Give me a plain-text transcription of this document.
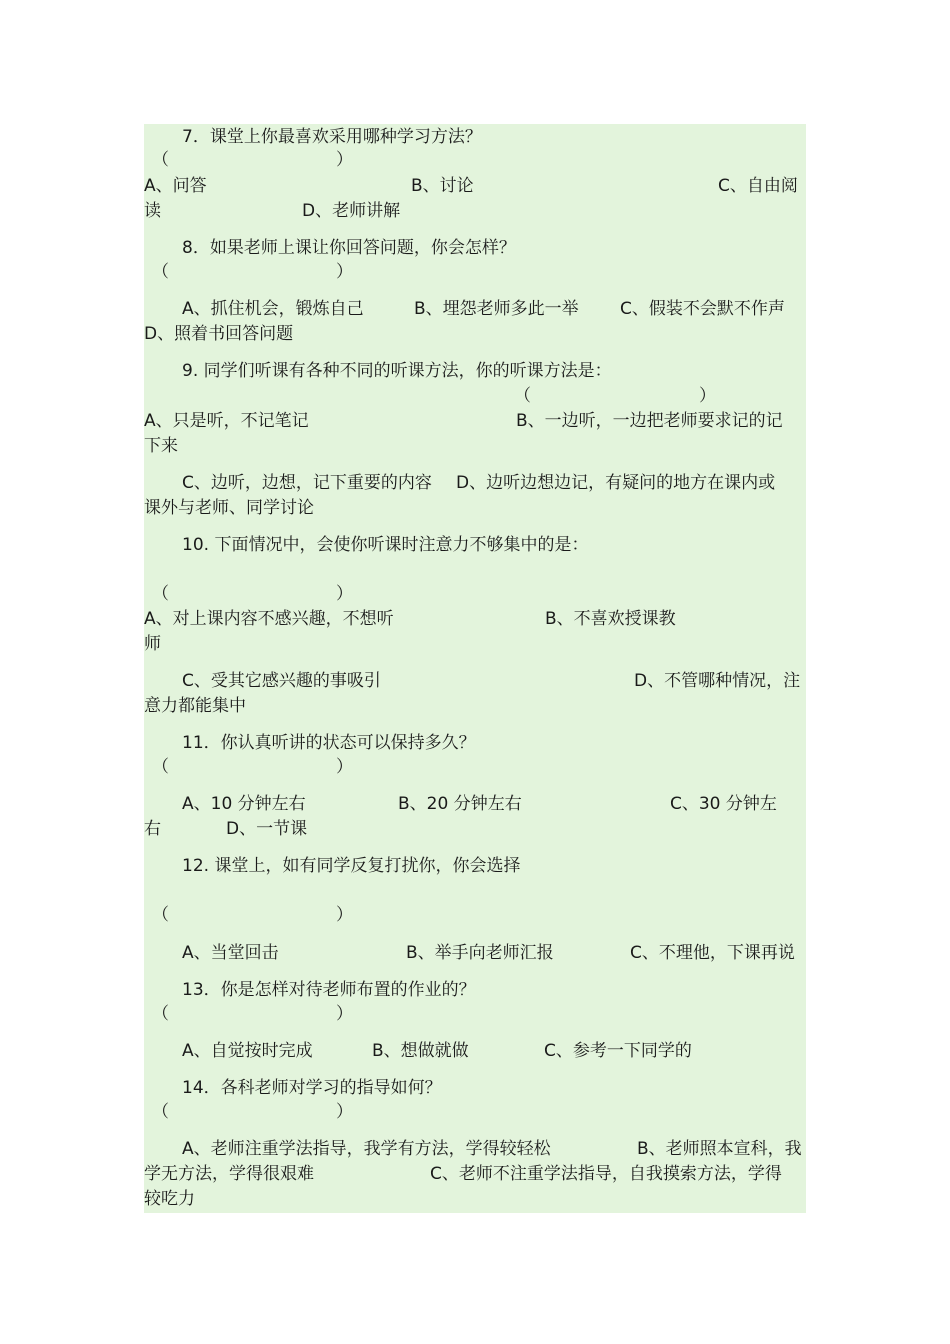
7．课堂上你最喜欢采用哪种学习方法？
（	）
A、问答	B、讨论	C、自由阅
读	D、老师讲解
8．如果老师上课让你回答问题，你会怎样？
（	）
A、抓住机会，锻炼自己	B、埋怨老师多此一举 C、假装不会默不作声
D、照着书回答问题
9. 同学们听课有各种不同的听课方法，你的听课方法是：
（	）
A、只是听，不记笔记	B、一边听，一边把老师要求记的记
下来
C、边听，边想，记下重要的内容 D、边听边想边记，有疑问的地方在课内或
课外与老师、同学讨论
10. 下面情况中，会使你听课时注意力不够集中的是：
（	）
A、对上课内容不感兴趣，不想听	B、不喜欢授课教
师
C、受其它感兴趣的事吸引	D、不管哪种情况，注
意力都能集中
11．你认真听讲的状态可以保持多久？
（	）
A、10 分钟左右	B、20 分钟左右	C、30 分钟左
右	D、一节课
12. 课堂上，如有同学反复打扰你，你会选择
（	）
A、当堂回击	B、举手向老师汇报	C、不理他，下课再说
13．你是怎样对待老师布置的作业的？
（	）
A、自觉按时完成	B、想做就做	C、参考一下同学的
14．各科老师对学习的指导如何？
（	）
A、老师注重学法指导，我学有方法，学得较轻松	B、老师照本宣科，我
学无方法，学得很艰难	C、老师不注重学法指导，自我摸索方法，学得
较吃力
